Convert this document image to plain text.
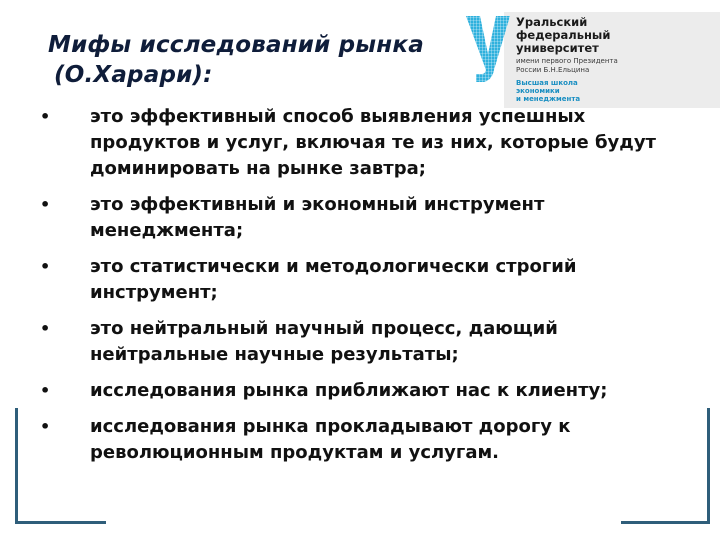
Мифы исследований рынка
(О.Харари):
Уральский
федеральный
университет
имени первого Президента
России Б.Н.Ельцина
Высшая школа
экономики
и менеджмента
• это эффективный способ выявления успешных продуктов и услуг, включая те из них, которые будут доминировать на рынке завтра;
• это эффективный и экономный инструмент менеджмента;
• это статистически и методологически строгий инструмент;
• это нейтральный научный процесс, дающий нейтральные научные результаты;
• исследования рынка приближают нас к клиенту;
• исследования рынка прокладывают дорогу к революционным продуктам и услугам.
